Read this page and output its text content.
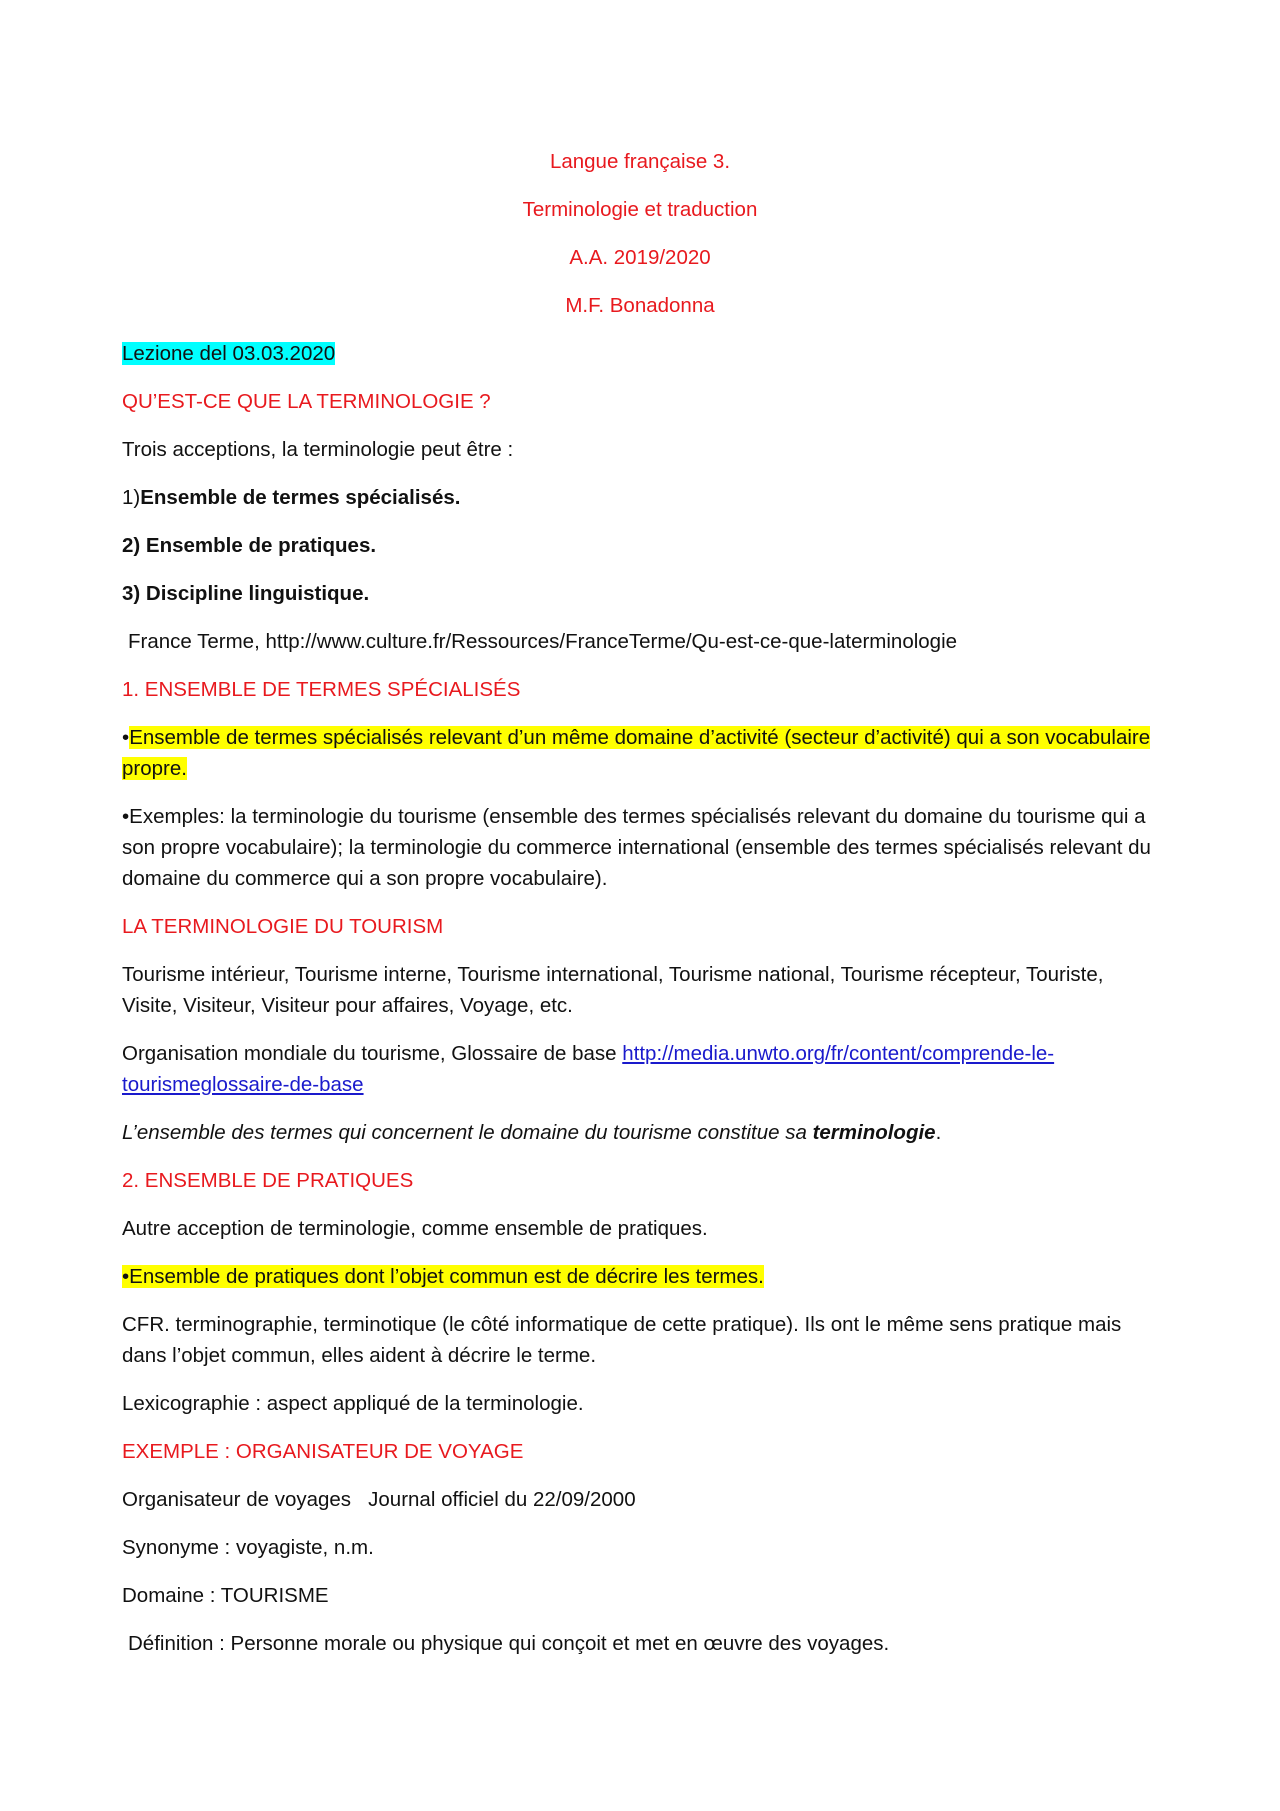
Langue française 3.

Terminologie et traduction

A.A. 2019/2020

M.F. Bonadonna

Lezione del 03.03.2020

QU’EST-CE QUE LA TERMINOLOGIE ?

Trois acceptions, la terminologie peut être :

1)Ensemble de termes spécialisés.

2) Ensemble de pratiques.

3) Discipline linguistique.

France Terme, http://www.culture.fr/Ressources/FranceTerme/Qu-est-ce-que-laterminologie

1. ENSEMBLE DE TERMES SPÉCIALISÉS

•Ensemble de termes spécialisés relevant d’un même domaine d’activité (secteur d’activité) qui a son vocabulaire propre.

•Exemples: la terminologie du tourisme (ensemble des termes spécialisés relevant du domaine du tourisme qui a son propre vocabulaire); la terminologie du commerce international (ensemble des termes spécialisés relevant du domaine du commerce qui a son propre vocabulaire).

LA TERMINOLOGIE DU TOURISM

Tourisme intérieur, Tourisme interne, Tourisme international, Tourisme national, Tourisme récepteur, Touriste, Visite, Visiteur, Visiteur pour affaires, Voyage, etc.

Organisation mondiale du tourisme, Glossaire de base http://media.unwto.org/fr/content/comprende-le-tourismeglossaire-de-base

L’ensemble des termes qui concernent le domaine du tourisme constitue sa terminologie.

2. ENSEMBLE DE PRATIQUES

Autre acception de terminologie, comme ensemble de pratiques.

•Ensemble de pratiques dont l’objet commun est de décrire les termes.

CFR. terminographie, terminotique (le côté informatique de cette pratique). Ils ont le même sens pratique mais dans l’objet commun, elles aident à décrire le terme.

Lexicographie : aspect appliqué de la terminologie.

EXEMPLE : ORGANISATEUR DE VOYAGE

Organisateur de voyages   Journal officiel du 22/09/2000

Synonyme : voyagiste, n.m.

Domaine : TOURISME

Définition : Personne morale ou physique qui conçoit et met en œuvre des voyages.
